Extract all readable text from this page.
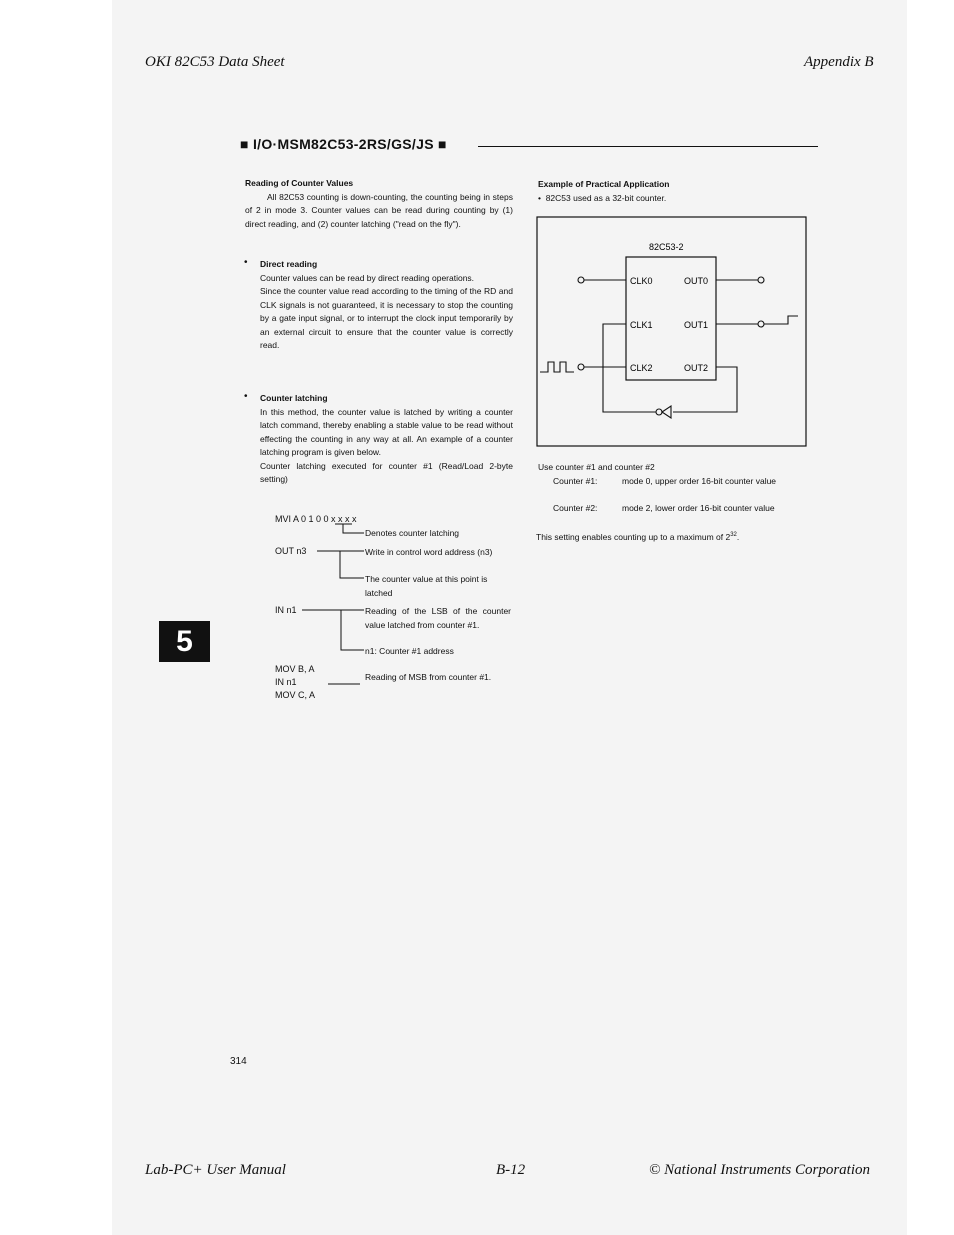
OKI 82C53 Data Sheet	Appendix B
■ I/O·MSM82C53-2RS/GS/JS ■
Reading of Counter Values
All 82C53 counting is down-counting, the counting being in steps of 2 in mode 3. Counter values can be read during counting by (1) direct reading, and (2) counter latching ("read on the fly").
• Direct reading
Counter values can be read by direct reading operations.
Since the counter value read according to the timing of the RD and CLK signals is not guaranteed, it is necessary to stop the counting by a gate input signal, or to interrupt the clock input temporarily by an external circuit to ensure that the counter value is correctly read.
• Counter latching
In this method, the counter value is latched by writing a counter latch command, thereby enabling a stable value to be read without effecting the counting in any way at all. An example of a counter latching program is given below.
Counter latching executed for counter #1 (Read/Load 2-byte setting)
MVI A 0 1 0 0 x x x x
Denotes counter latching
OUT n3	Write in control word address (n3)
The counter value at this point is latched
IN n1	Reading of the LSB of the counter value latched from counter #1.
n1: Counter #1 address
MOV B, A
IN n1
MOV C, A
Reading of MSB from counter #1.
Example of Practical Application
•  82C53 used as a 32-bit counter.
82C53-2
CLK0	OUT0
CLK1	OUT1
CLK2	OUT2
Use counter #1 and counter #2
Counter #1:	mode 0, upper order 16-bit counter value
Counter #2:	mode 2, lower order 16-bit counter value
This setting enables counting up to a maximum of $2^{32}$.
5
314
Lab-PC+ User Manual	B-12	© National Instruments Corporation
